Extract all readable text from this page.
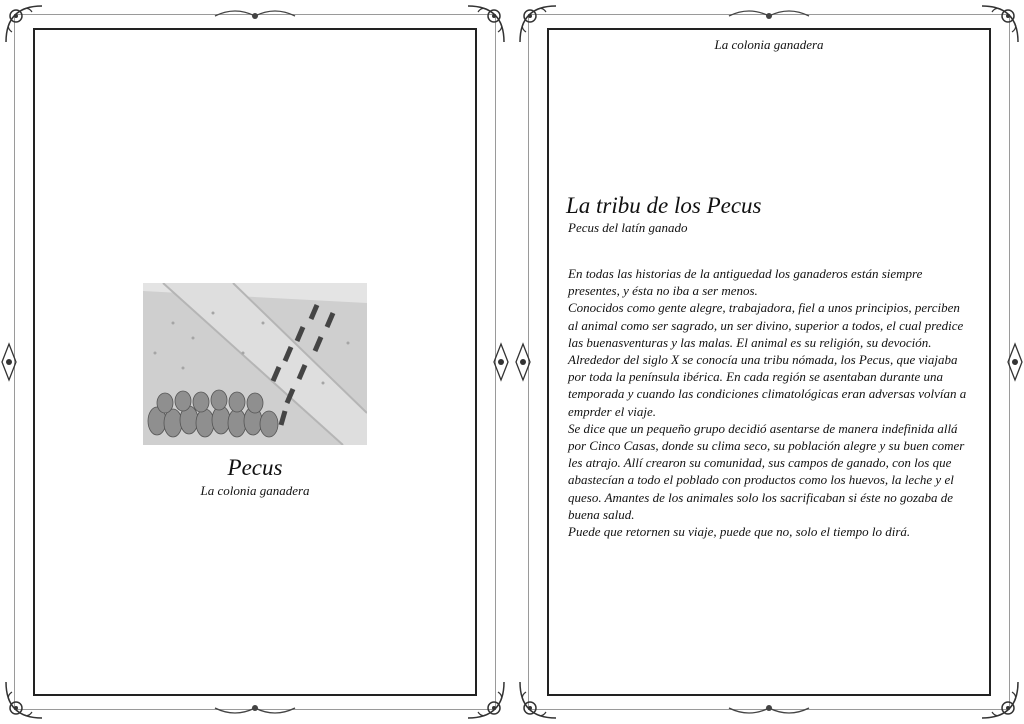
Pecus
La colonia ganadera
La colonia ganadera
La tribu de los Pecus
Pecus del latín ganado

En todas las historias de la antiguedad los ganaderos están siempre presentes, y ésta no iba a ser menos.

Conocidos como gente alegre, trabajadora, fiel a unos principios, perciben al animal como ser sagrado, un ser divino, superior a todos, el cual predice las buenasventuras y las malas. El animal es su religión, su devoción.

Alrededor del siglo X se conocía una tribu nómada, los Pecus, que viajaba por toda la península ibérica. En cada región se asentaban durante una temporada y cuando las condiciones climatológicas eran adversas volvían a emprder el viaje.

Se dice que un pequeño grupo decidió asentarse de manera indefinida allá por Cinco Casas, donde su clima seco, su población alegre y su buen comer les atrajo. Allí crearon su comunidad, sus campos de ganado, con los que abastecían a todo el poblado con productos como los huevos, la leche y el queso. Amantes de los animales solo los sacrificaban si éste no gozaba de buena salud.

Puede que retornen su viaje, puede que no, solo el tiempo lo dirá.
